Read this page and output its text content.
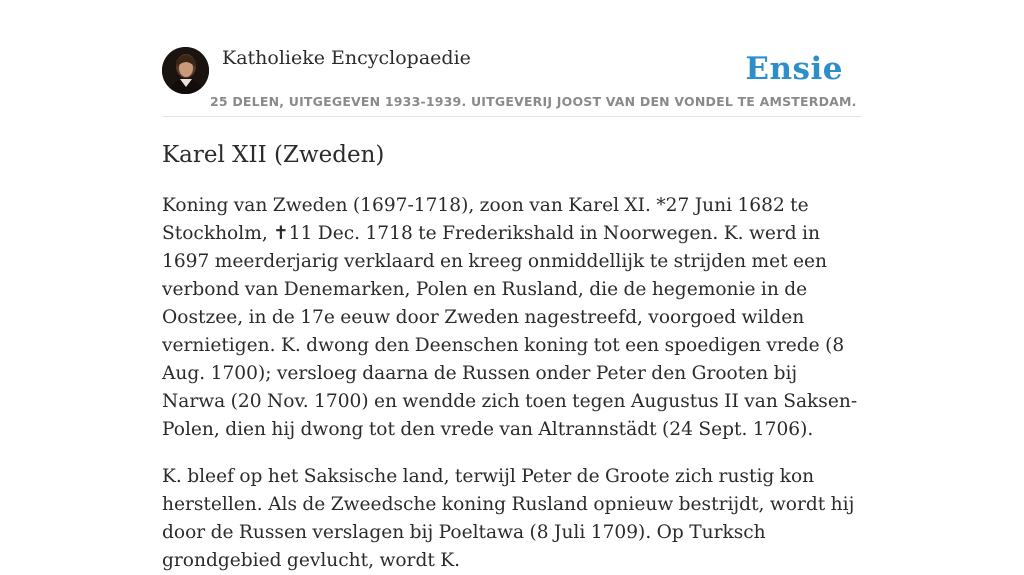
Katholieke Encyclopaedie	Ensie
25 DELEN, UITGEGEVEN 1933-1939. UITGEVERIJ JOOST VAN DEN VONDEL TE AMSTERDAM.
Karel XII (Zweden)

Koning van Zweden (1697-1718), zoon van Karel XI. *27 Juni 1682 te Stockholm, ✝11 Dec. 1718 te Frederikshald in Noorwegen. K. werd in 1697 meerderjarig verklaard en kreeg onmiddellijk te strijden met een verbond van Denemarken, Polen en Rusland, die de hegemonie in de Oostzee, in de 17e eeuw door Zweden nagestreefd, voorgoed wilden vernietigen. K. dwong den Deenschen koning tot een spoedigen vrede (8 Aug. 1700); versloeg daarna de Russen onder Peter den Grooten bij Narwa (20 Nov. 1700) en wendde zich toen tegen Augustus II van Saksen-Polen, dien hij dwong tot den vrede van Altrannstädt (24 Sept. 1706).

K. bleef op het Saksische land, terwijl Peter de Groote zich rustig kon herstellen. Als de Zweedsche koning Rusland opnieuw bestrijdt, wordt hij door de Russen verslagen bij Poeltawa (8 Juli 1709). Op Turksch grondgebied gevlucht, wordt K.
